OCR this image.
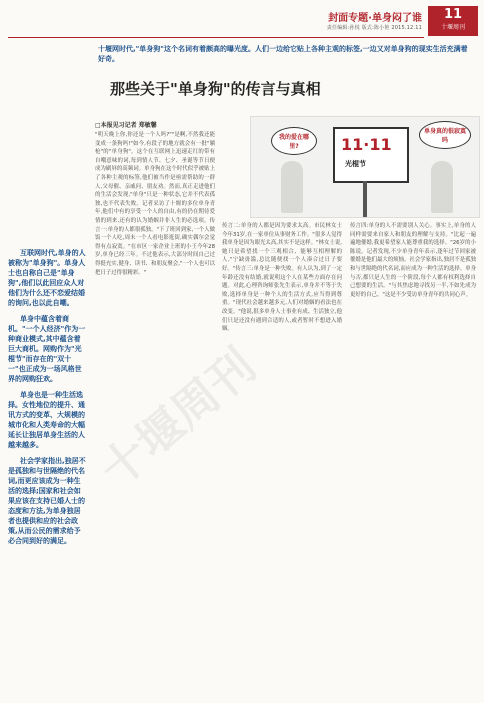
封面专题·单身闷了谁
责任编辑:孙悦 版式:陈小艳 2015.12.11
11
十堰周刊
十堰网时代,"单身狗"这个名词有着颇高的曝光度。人们一边给它贴上各种主观的标签,一边又对单身狗的现实生活充满着好奇。
那些关于"单身狗"的传言与真相
□本报见习记者 郑敏馨
我的爱在哪里?	11·11
光棍节
单身真的很寂寞吗

互联网时代,单身的人被称为"单身狗"。单身人士也自称自己是"单身狗",他们以此回应众人对他们为什么还不恋爱结婚的询问,也以此自嘲。

单身中蕴含着商机。"一个人经济"作为一种商业模式,其中蕴含着巨大商机。网购作为"光棍节"而存在的"双十一"也正成为一场风格世界的网购狂欢。

单身也是一种生活选择。女性地位的提升、通讯方式的变革、大规模的城市化和人类寿命的大幅延长让独居单身生活的人越来越多。

社会学家指出,独居不是孤独和与世隔绝的代名词,而更应该成为一种生活的选择;国家和社会如果应该在支持已婚人士的态度和方法,为单身独居者也提供和应的社会政策,从而公民的需求给予必合同到好的满足。

"明天晚上你,你还是一个人吗?""是啊,不然我还能变成一条狗吗!"如今,有段子的地方就会有一批"躺枪"的"单身狗"。这个在互联网上迅速走红的带有自嘲意味的词,每到情人节、七夕、圣诞等节日便成为刷屏的高频词。单身狗在这个时代似乎被贴上了各种主观的标签,他们被当作是亟需帮助的一群人,父母催、亲戚问、朋友劝。然而,真正走进他们的生活会发现,"单身"只是一种状态,它并不代表孤独,也不代表失败。记者采访了十堰的多位单身青年,他们中有的享受一个人的自由,有的仍在期待爱情的到来,还有的认为婚姻并非人生的必选项。传言一:单身的人都很孤独。"下了班回到家,一个人做饭一个人吃,周末一个人看电影逛街,确实偶尔会觉得有点寂寞。"在市区一家企业上班的小王今年28岁,单身已经三年。不过他表示,大部分时间自己过得挺充实,健身、读书、和朋友聚会,"一个人也可以把日子过得很精彩。"
传言二:单身的人都是因为要求太高。市民林女士今年31岁,在一家单位从事财务工作。"很多人觉得我单身是因为眼光太高,其实不是这样。"林女士说,她只是希望找一个三观相合、能够互相理解的人,"宁缺毋滥,总比随便找一个人凑合过日子要好。"传言三:单身是一种失败。有人认为,到了一定年龄还没有结婚,就说明这个人在某些方面存在问题。对此,心理咨询师张先生表示,单身并不等于失败,选择单身是一种个人的生活方式,应当得到尊重。"现代社会越来越多元,人们对婚姻的看法也在改变。"他说,很多单身人士事业有成、生活独立,他们只是还没有遇到合适的人,或者暂时不想进入婚姻。
传言四:单身的人不需要别人关心。事实上,单身的人同样需要来自家人和朋友的理解与支持。"比起一遍遍地催婚,我更希望家人能尊重我的选择。"26岁的小陈说。记者发现,不少单身青年表示,逢年过节回家被催婚是他们最大的烦恼。社会学家指出,独居不是孤独和与世隔绝的代名词,而应成为一种生活的选择。单身与否,都只是人生的一个阶段,每个人都有权利选择自己想要的生活。"与其焦虑地寻找另一半,不如先成为更好的自己。"这是不少受访单身青年的共同心声。
十堰周刊
